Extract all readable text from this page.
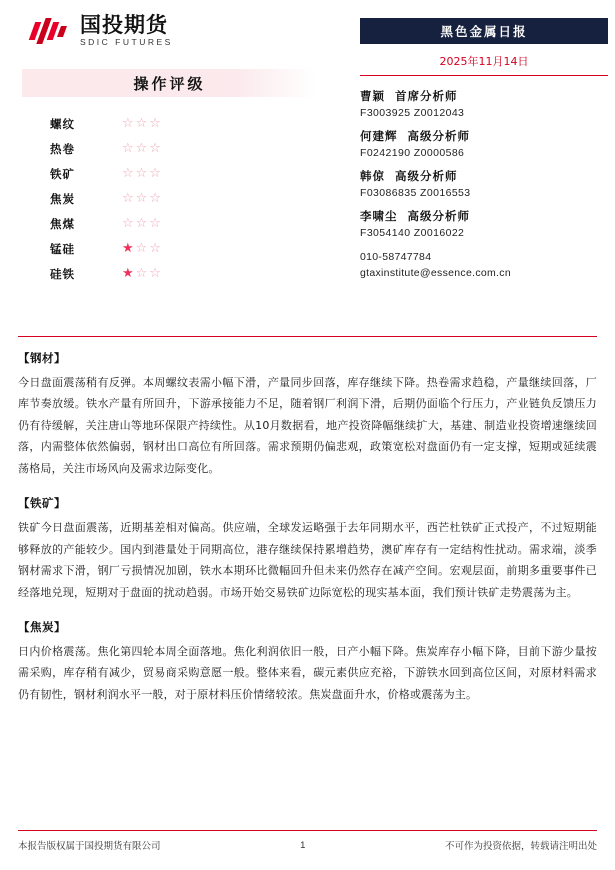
国投期货
SDIC FUTURES
操作评级
螺纹	☆☆☆
热卷	☆☆☆
铁矿	☆☆☆
焦炭	☆☆☆
焦煤	☆☆☆
锰硅	★☆☆
硅铁	★☆☆
黑色金属日报
2025年11月14日
曹颖 首席分析师
F3003925 Z0012043
何建辉 高级分析师
F0242190 Z0000586
韩倞 高级分析师
F03086835 Z0016553
李啸尘 高级分析师
F3054140 Z0016022
010-58747784
gtaxinstitute@essence.com.cn
【钢材】
今日盘面震荡稍有反弹。本周螺纹表需小幅下滑，产量同步回落，库存继续下降。热卷需求趋稳，产量继续回落，厂库节奏放缓。铁水产量有所回升，下游承接能力不足，随着钢厂利润下滑，后期仍面临个行压力，产业链负反馈压力仍有待缓解，关注唐山等地环保限产持续性。从10月数据看，地产投资降幅继续扩大，基建、制造业投资增速继续回落，内需整体依然偏弱，钢材出口高位有所回落。需求预期仍偏悲观，政策宽松对盘面仍有一定支撑，短期或延续震荡格局，关注市场风向及需求边际变化。
【铁矿】
铁矿今日盘面震荡，近期基差相对偏高。供应端，全球发运略强于去年同期水平，西芒杜铁矿正式投产，不过短期能够释放的产能较少。国内到港量处于同期高位，港存继续保持累增趋势，澳矿库存有一定结构性扰动。需求端，淡季钢材需求下滑，钢厂亏损情况加剧，铁水本期环比微幅回升但未来仍然存在减产空间。宏观层面，前期多重要事件已经落地兑现，短期对于盘面的扰动趋弱。市场开始交易铁矿边际宽松的现实基本面，我们预计铁矿走势震荡为主。
【焦炭】
日内价格震荡。焦化第四轮本周全面落地。焦化利润依旧一般，日产小幅下降。焦炭库存小幅下降，目前下游少量按需采购，库存稍有减少，贸易商采购意愿一般。整体来看，碳元素供应充裕，下游铁水回到高位区间，对原材料需求仍有韧性，钢材利润水平一般，对于原材料压价情绪较浓。焦炭盘面升水，价格或震荡为主。
本报告版权属于国投期货有限公司	1	不可作为投资依据，转载请注明出处
